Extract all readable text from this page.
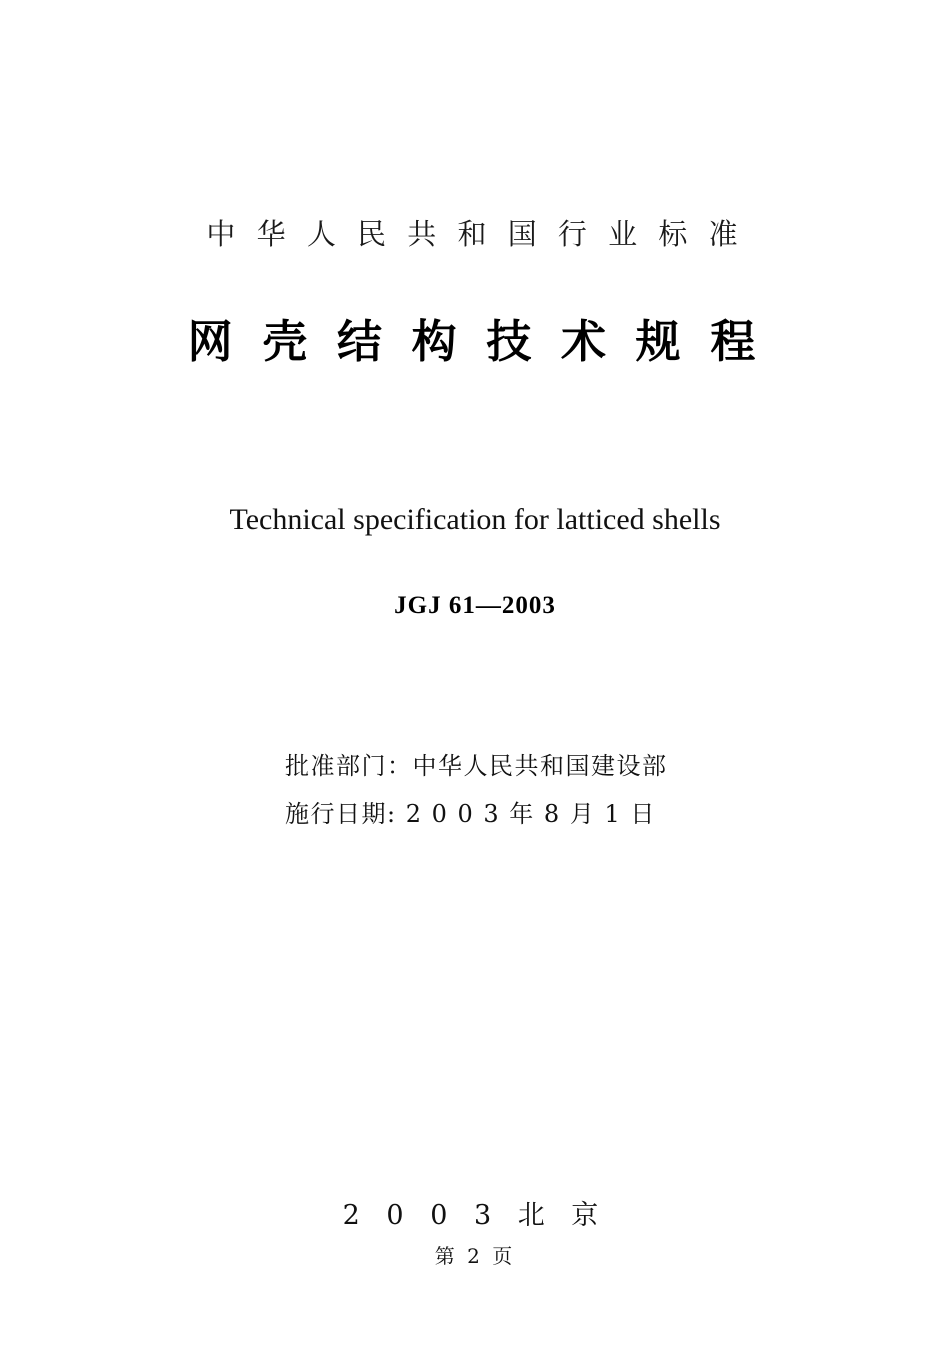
中 华 人 民 共 和 国 行 业 标 准
网 壳 结 构 技 术 规 程
Technical specification for latticed shells
JGJ 61—2003
批准部门：中华人民共和国建设部
施行日期: 2 0 0 3 年 8 月 1 日
2 0 0 3 北 京
第 2 页
